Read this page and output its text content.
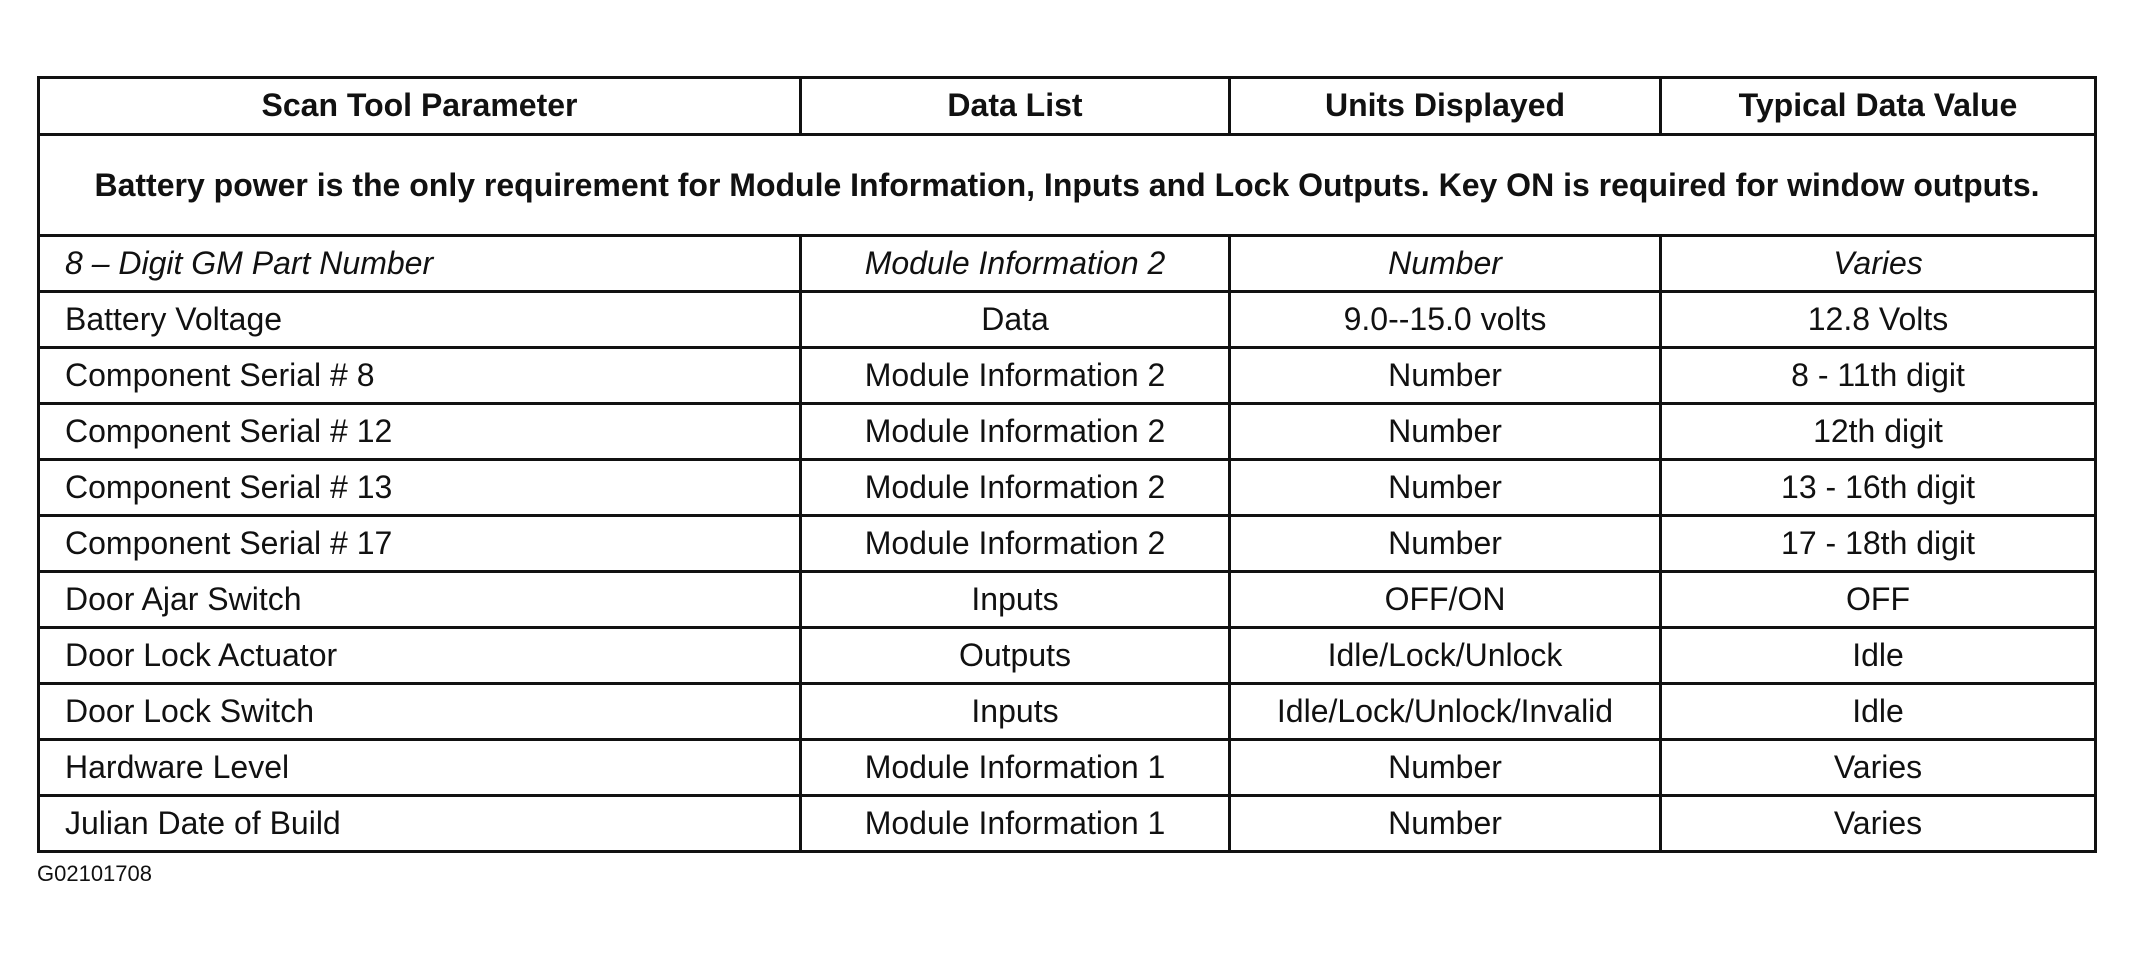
Scan Tool Parameter	Data List	Units Displayed	Typical Data Value
Battery power is the only requirement for Module Information, Inputs and Lock Outputs. Key ON is required for window outputs.			
8 – Digit GM Part Number	Module Information 2	Number	Varies
Battery Voltage	Data	9.0--15.0 volts	12.8 Volts
Component Serial # 8	Module Information 2	Number	8 - 11th digit
Component Serial # 12	Module Information 2	Number	12th digit
Component Serial # 13	Module Information 2	Number	13 - 16th digit
Component Serial # 17	Module Information 2	Number	17 - 18th digit
Door Ajar Switch	Inputs	OFF/ON	OFF
Door Lock Actuator	Outputs	Idle/Lock/Unlock	Idle
Door Lock Switch	Inputs	Idle/Lock/Unlock/Invalid	Idle
Hardware Level	Module Information 1	Number	Varies
Julian Date of Build	Module Information 1	Number	Varies
G02101708
